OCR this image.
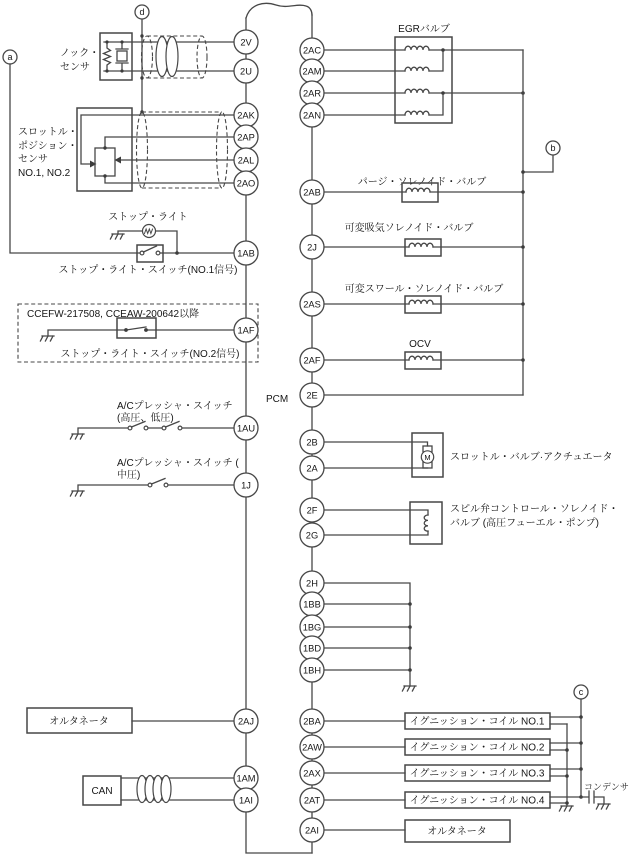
PCM
d
ノック・
センサ
スロットル・
ポジション・
センサ
NO.1, NO.2
a
ストップ・ライト
ストップ・ライト・スイッチ(NO.1信号)
CCEFW-217508, CCEAW-200642以降
ストップ・ライト・スイッチ(NO.2信号)
A/Cプレッシャ・スイッチ
(高圧、低圧)
A/Cプレッシャ・スイッチ (
中圧)
オルタネータ
CAN
EGRバルブ
b
パージ・ソレノイド・バルブ
可変吸気ソレノイド・バルブ
可変スワール・ソレノイド・バルブ
OCV
M スロットル・バルブ·アクチュエータ
スピル弁コントロール・ソレノイド・
バルブ (高圧フューエル・ポンプ)
c
イグニッション・コイル NO.1
イグニッション・コイル NO.2
イグニッション・コイル NO.3
イグニッション・コイル NO.4
コンデンサ
オルタネータ
2V
2U
2AK
2AP
2AL
2AO
1AB
1AF
1AU
1J
2AJ
1AM
1AI
2AC
2AM
2AR
2AN
2AB
2J
2AS
2AF
2E
2B
2A
2F
2G
2H
1BB
1BG
1BD
1BH
2BA
2AW
2AX
2AT
2AI
